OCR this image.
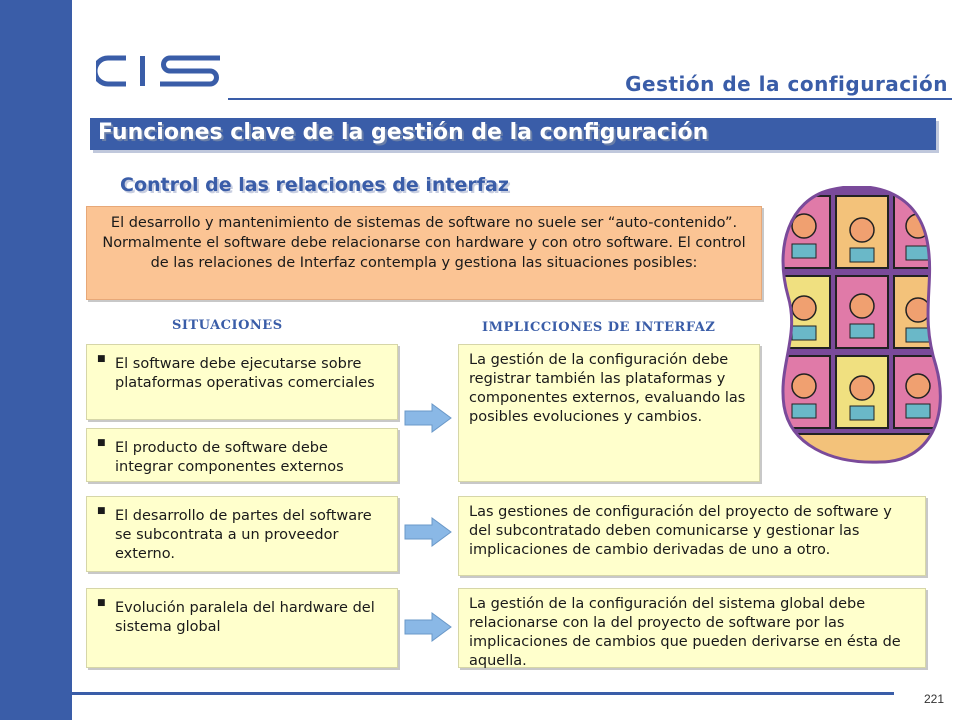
Gestión de la configuración
Funciones clave de la gestión de la configuración
Control de las relaciones de interfaz
El desarrollo y mantenimiento de sistemas de software no suele ser “auto-contenido”. Normalmente el software debe relacionarse con hardware y con otro software. El control de las relaciones de Interfaz contempla y gestiona las situaciones posibles:
SITUACIONES	IMPLICCIONES DE INTERFAZ
■ El software debe ejecutarse sobre plataformas operativas comerciales
■ El producto de software debe integrar componentes externos
■ El desarrollo de partes del software se subcontrata a un proveedor externo.
■ Evolución paralela del hardware del sistema global
La gestión de la configuración debe registrar también las plataformas y componentes externos, evaluando las posibles evoluciones y cambios.
Las gestiones de configuración del proyecto de software y del subcontratado deben comunicarse y gestionar las implicaciones de cambio derivadas de uno a otro.
La gestión de la configuración del sistema global debe relacionarse con la del proyecto de software por las implicaciones de cambios que pueden derivarse en ésta de aquella.
221
